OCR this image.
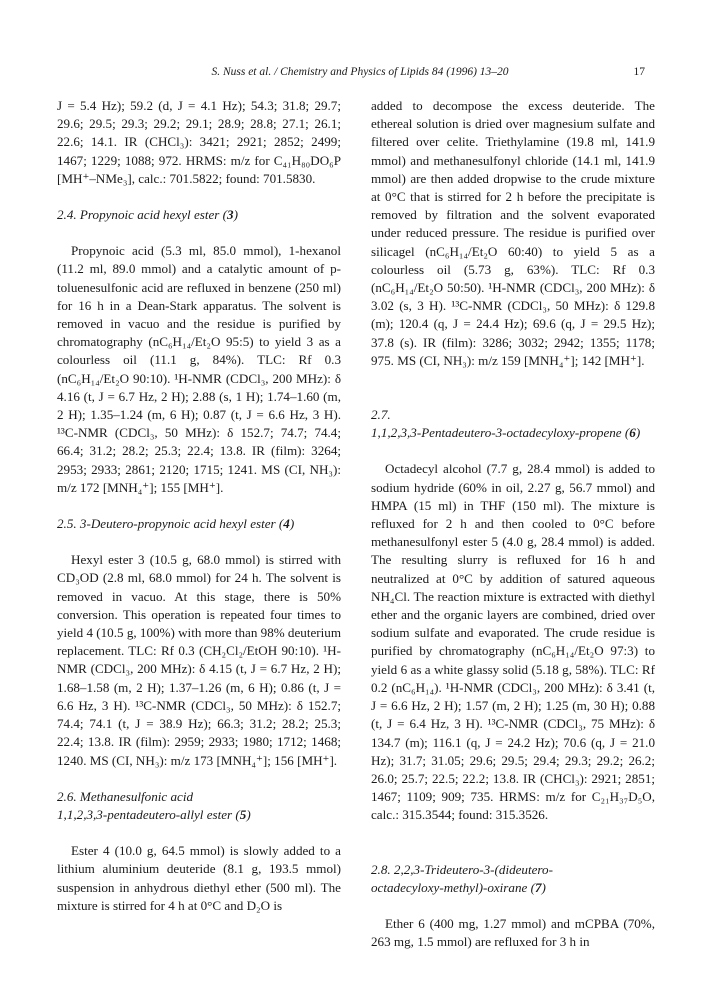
S. Nuss et al. / Chemistry and Physics of Lipids 84 (1996) 13–20	17

J = 5.4 Hz); 59.2 (d, J = 4.1 Hz); 54.3; 31.8; 29.7; 29.6; 29.5; 29.3; 29.2; 29.1; 28.9; 28.8; 27.1; 26.1; 22.6; 14.1. IR (CHCl₃): 3421; 2921; 2852; 2499; 1467; 1229; 1088; 972. HRMS: m/z for C₄₁H₈₀DO₆P [MH⁺–NMe₃], calc.: 701.5822; found: 701.5830.

2.4. Propynoic acid hexyl ester (3)

Propynoic acid (5.3 ml, 85.0 mmol), 1-hexanol (11.2 ml, 89.0 mmol) and a catalytic amount of p-toluenesulfonic acid are refluxed in benzene (250 ml) for 16 h in a Dean-Stark apparatus. The solvent is removed in vacuo and the residue is purified by chromatography (nC₆H₁₄/Et₂O 95:5) to yield 3 as a colourless oil (11.1 g, 84%). TLC: Rf 0.3 (nC₆H₁₄/Et₂O 90:10). ¹H-NMR (CDCl₃, 200 MHz): δ 4.16 (t, J = 6.7 Hz, 2 H); 2.88 (s, 1 H); 1.74–1.60 (m, 2 H); 1.35–1.24 (m, 6 H); 0.87 (t, J = 6.6 Hz, 3 H). ¹³C-NMR (CDCl₃, 50 MHz): δ 152.7; 74.7; 74.4; 66.4; 31.2; 28.2; 25.3; 22.4; 13.8. IR (film): 3264; 2953; 2933; 2861; 2120; 1715; 1241. MS (CI, NH₃): m/z 172 [MNH₄⁺]; 155 [MH⁺].

2.5. 3-Deutero-propynoic acid hexyl ester (4)

Hexyl ester 3 (10.5 g, 68.0 mmol) is stirred with CD₃OD (2.8 ml, 68.0 mmol) for 24 h. The solvent is removed in vacuo. At this stage, there is 50% conversion. This operation is repeated four times to yield 4 (10.5 g, 100%) with more than 98% deuterium replacement. TLC: Rf 0.3 (CH₂Cl₂/EtOH 90:10). ¹H-NMR (CDCl₃, 200 MHz): δ 4.15 (t, J = 6.7 Hz, 2 H); 1.68–1.58 (m, 2 H); 1.37–1.26 (m, 6 H); 0.86 (t, J = 6.6 Hz, 3 H). ¹³C-NMR (CDCl₃, 50 MHz): δ 152.7; 74.4; 74.1 (t, J = 38.9 Hz); 66.3; 31.2; 28.2; 25.3; 22.4; 13.8. IR (film): 2959; 2933; 1980; 1712; 1468; 1240. MS (CI, NH₃): m/z 173 [MNH₄⁺]; 156 [MH⁺].

2.6. Methanesulfonic acid
1,1,2,3,3-pentadeutero-allyl ester (5)

Ester 4 (10.0 g, 64.5 mmol) is slowly added to a lithium aluminium deuteride (8.1 g, 193.5 mmol) suspension in anhydrous diethyl ether (500 ml). The mixture is stirred for 4 h at 0°C and D₂O is

added to decompose the excess deuteride. The ethereal solution is dried over magnesium sulfate and filtered over celite. Triethylamine (19.8 ml, 141.9 mmol) and methanesulfonyl chloride (14.1 ml, 141.9 mmol) are then added dropwise to the crude mixture at 0°C that is stirred for 2 h before the precipitate is removed by filtration and the solvent evaporated under reduced pressure. The residue is purified over silicagel (nC₆H₁₄/Et₂O 60:40) to yield 5 as a colourless oil (5.73 g, 63%). TLC: Rf 0.3 (nC₆H₁₄/Et₂O 50:50). ¹H-NMR (CDCl₃, 200 MHz): δ 3.02 (s, 3 H). ¹³C-NMR (CDCl₃, 50 MHz): δ 129.8 (m); 120.4 (q, J = 24.4 Hz); 69.6 (q, J = 29.5 Hz); 37.8 (s). IR (film): 3286; 3032; 2942; 1355; 1178; 975. MS (CI, NH₃): m/z 159 [MNH₄⁺]; 142 [MH⁺].

2.7.
1,1,2,3,3-Pentadeutero-3-octadecyloxy-propene (6)

Octadecyl alcohol (7.7 g, 28.4 mmol) is added to sodium hydride (60% in oil, 2.27 g, 56.7 mmol) and HMPA (15 ml) in THF (150 ml). The mixture is refluxed for 2 h and then cooled to 0°C before methanesulfonyl ester 5 (4.0 g, 28.4 mmol) is added. The resulting slurry is refluxed for 16 h and neutralized at 0°C by addition of satured aqueous NH₄Cl. The reaction mixture is extracted with diethyl ether and the organic layers are combined, dried over sodium sulfate and evaporated. The crude residue is purified by chromatography (nC₆H₁₄/Et₂O 97:3) to yield 6 as a white glassy solid (5.18 g, 58%). TLC: Rf 0.2 (nC₆H₁₄). ¹H-NMR (CDCl₃, 200 MHz): δ 3.41 (t, J = 6.6 Hz, 2 H); 1.57 (m, 2 H); 1.25 (m, 30 H); 0.88 (t, J = 6.4 Hz, 3 H). ¹³C-NMR (CDCl₃, 75 MHz): δ 134.7 (m); 116.1 (q, J = 24.2 Hz); 70.6 (q, J = 21.0 Hz); 31.7; 31.05; 29.6; 29.5; 29.4; 29.3; 29.2; 26.2; 26.0; 25.7; 22.5; 22.2; 13.8. IR (CHCl₃): 2921; 2851; 1467; 1109; 909; 735. HRMS: m/z for C₂₁H₃₇D₅O, calc.: 315.3544; found: 315.3526.

2.8. 2,2,3-Trideutero-3-(dideutero-
octadecyloxy-methyl)-oxirane (7)

Ether 6 (400 mg, 1.27 mmol) and mCPBA (70%, 263 mg, 1.5 mmol) are refluxed for 3 h in
